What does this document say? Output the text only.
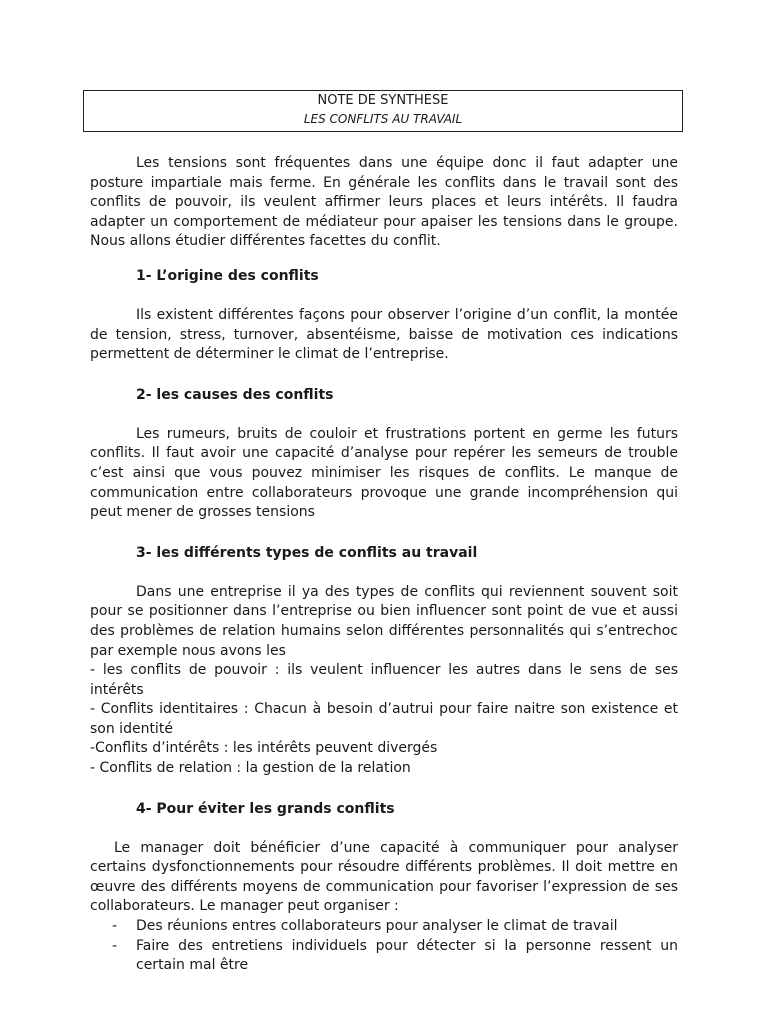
NOTE DE SYNTHESE
LES CONFLITS AU TRAVAIL

Les tensions sont fréquentes dans une équipe donc il faut adapter une posture impartiale mais ferme. En générale les conflits dans le travail sont des conflits de pouvoir, ils veulent affirmer leurs places et leurs intérêts. Il faudra adapter un comportement de médiateur pour apaiser les tensions dans le groupe. Nous allons étudier différentes facettes du conflit.

1- L’origine des conflits

Ils existent différentes façons pour observer l’origine d’un conflit, la montée de tension, stress, turnover, absentéisme, baisse de motivation ces indications permettent de déterminer le climat de l’entreprise.

2- les causes des conflits

Les rumeurs, bruits de couloir et frustrations portent en germe les futurs conflits. Il faut avoir une capacité d’analyse pour repérer les semeurs de trouble c’est ainsi que vous pouvez minimiser les risques de conflits. Le manque de communication entre collaborateurs provoque une grande incompréhension qui peut mener de grosses tensions

3- les différents types de conflits au travail

Dans une entreprise il ya des types de conflits qui reviennent souvent soit pour se positionner dans l’entreprise ou bien influencer sont point de vue et aussi des problèmes de relation humains selon différentes personnalités qui s’entrechoc par exemple nous avons les

- les conflits de pouvoir : ils veulent influencer les autres dans le sens de ses intérêts
- Conflits identitaires : Chacun à besoin d’autrui pour faire naitre son existence et son identité
-Conflits d’intérêts : les intérêts peuvent divergés
- Conflits de relation : la gestion de la relation
4- Pour éviter les grands conflits

Le manager doit bénéficier d’une capacité à communiquer pour analyser certains dysfonctionnements pour résoudre différents problèmes. Il doit mettre en œuvre des différents moyens de communication pour favoriser l’expression de ses collaborateurs. Le manager peut organiser :

- Des réunions entres collaborateurs pour analyser le climat de travail
- Faire des entretiens individuels pour détecter si la personne ressent un certain mal être
